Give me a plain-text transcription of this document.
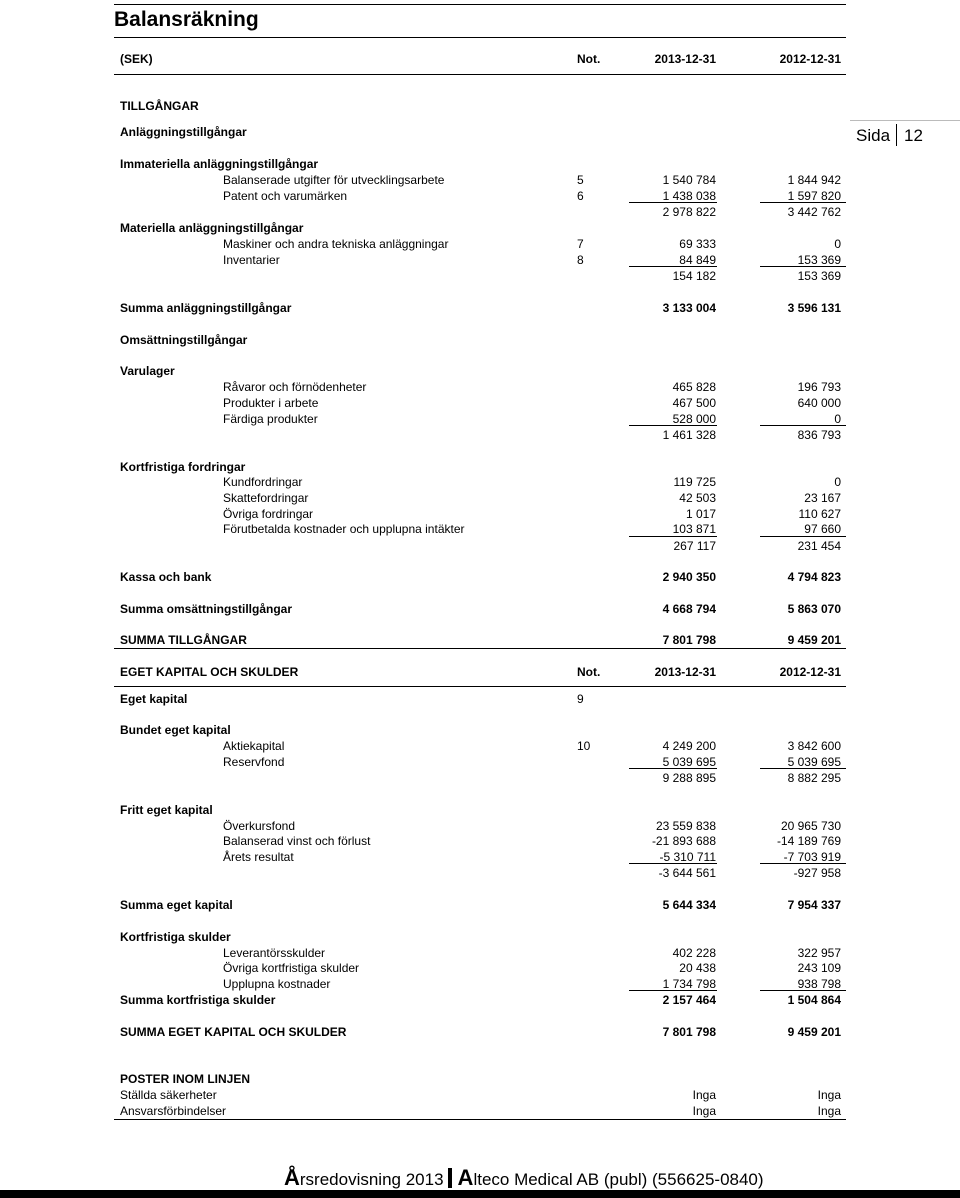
Balansräkning
Sida 12
(SEK)	Not.	2013-12-31	2012-12-31
TILLGÅNGAR
Anläggningstillgångar
Immateriella anläggningstillgångar
Balanserade utgifter för utvecklingsarbete	5	1 540 784	1 844 942
Patent och varumärken	6	1 438 038	1 597 820
2 978 822	3 442 762
Materiella anläggningstillgångar
Maskiner och andra tekniska anläggningar	7	69 333	0
Inventarier	8	84 849	153 369
154 182	153 369
Summa anläggningstillgångar	3 133 004	3 596 131
Omsättningstillgångar
Varulager
Råvaror och förnödenheter	465 828	196 793
Produkter i arbete	467 500	640 000
Färdiga produkter	528 000	0
1 461 328	836 793
Kortfristiga fordringar
Kundfordringar	119 725	0
Skattefordringar	42 503	23 167
Övriga fordringar	1 017	110 627
Förutbetalda kostnader och upplupna intäkter	103 871	97 660
267 117	231 454
Kassa och bank	2 940 350	4 794 823
Summa omsättningstillgångar	4 668 794	5 863 070
SUMMA TILLGÅNGAR	7 801 798	9 459 201
EGET KAPITAL OCH SKULDER	Not.	2013-12-31	2012-12-31
Eget kapital	9
Bundet eget kapital
Aktiekapital	10	4 249 200	3 842 600
Reservfond	5 039 695	5 039 695
9 288 895	8 882 295
Fritt eget kapital
Överkursfond	23 559 838	20 965 730
Balanserad vinst och förlust	-21 893 688	-14 189 769
Årets resultat	-5 310 711	-7 703 919
-3 644 561	-927 958
Summa eget kapital	5 644 334	7 954 337
Kortfristiga skulder
Leverantörsskulder	402 228	322 957
Övriga kortfristiga skulder	20 438	243 109
Upplupna kostnader	1 734 798	938 798
Summa kortfristiga skulder	2 157 464	1 504 864
SUMMA EGET KAPITAL OCH SKULDER	7 801 798	9 459 201
POSTER INOM LINJEN
Ställda säkerheter	Inga	Inga
Ansvarsförbindelser	Inga	Inga
Årsredovisning 2013 Alteco Medical AB (publ) (556625-0840)
